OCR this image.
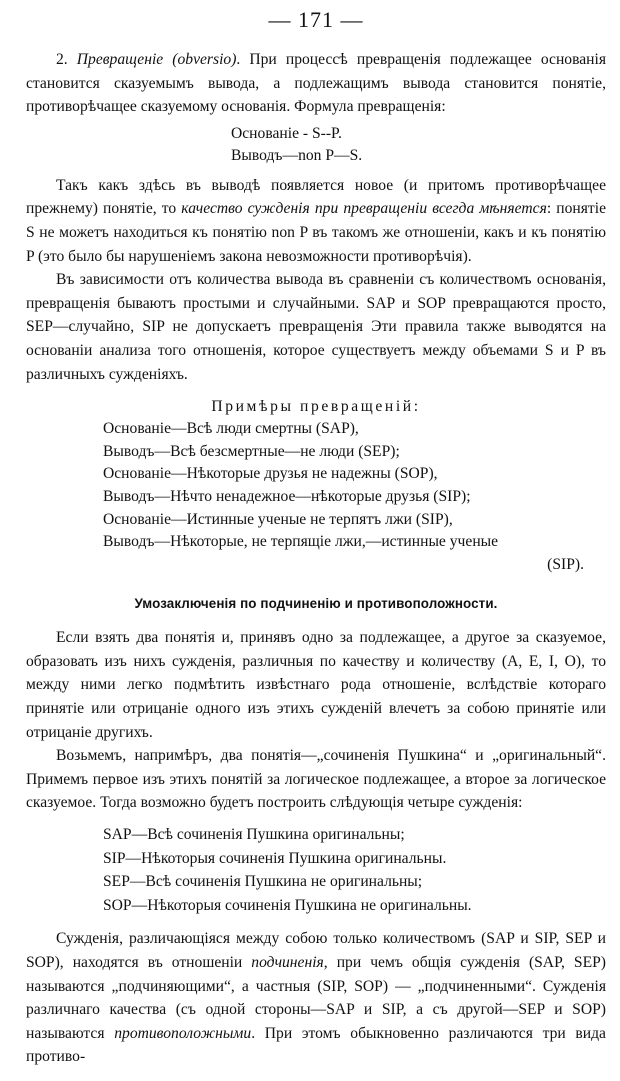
— 171 —

2. Превращеніе (obversio). При процессѣ превращенія подлежащее основанія становится сказуемымъ вывода, а подлежащимъ вывода становится понятіе, противорѣчащее сказуемому основанія. Формула превращенія:

Основаніе - S--P.
Выводъ—non P—S.

Такъ какъ здѣсь въ выводѣ появляется новое (и притомъ противорѣчащее прежнему) понятіе, то качество сужденія при превращеніи всегда мѣняется: понятіе S не можетъ находиться къ понятію non P въ такомъ же отношеніи, какъ и къ понятію P (это было бы нарушеніемъ закона невозможности противорѣчія).

Въ зависимости отъ количества вывода въ сравненіи съ количествомъ основанія, превращенія бываютъ простыми и случайными. SAP и SOP превращаются просто, SEP—случайно, SIP не допускаетъ превращенія Эти правила также выводятся на основаніи анализа того отношенія, которое существуетъ между объемами S и P въ различныхъ сужденіяхъ.

Примѣры превращеній:
Основаніе—Всѣ люди смертны (SAP),
Выводъ—Всѣ безсмертные—не люди (SEP);
Основаніе—Нѣкоторые друзья не надежны (SOP),
Выводъ—Нѣчто ненадежное—нѣкоторые друзья (SIP);
Основаніе—Истинные ученые не терпятъ лжи (SIP),
Выводъ—Нѣкоторые, не терпящіе лжи,—истинные ученые
(SIP).
Умозаключенія по подчиненію и противоположности.

Если взять два понятія и, принявъ одно за подлежащее, а другое за сказуемое, образовать изъ нихъ сужденія, различныя по качеству и количеству (A, E, I, O), то между ними легко подмѣтить извѣстнаго рода отношеніе, вслѣдствіе котораго принятіе или отрицаніе одного изъ этихъ сужденій влечетъ за собою принятіе или отрицаніе другихъ.

Возьмемъ, напримѣръ, два понятія—„сочиненія Пушкина“ и „оригинальный“. Примемъ первое изъ этихъ понятій за логическое подлежащее, а второе за логическое сказуемое. Тогда возможно будетъ построить слѣдующія четыре сужденія:

SAP—Всѣ сочиненія Пушкина оригинальны;
SIP—Нѣкоторыя сочиненія Пушкина оригинальны.
SEP—Всѣ сочиненія Пушкина не оригинальны;
SOP—Нѣкоторыя сочиненія Пушкина не оригинальны.

Сужденія, различающіяся между собою только количествомъ (SAP и SIP, SEP и SOP), находятся въ отношеніи подчиненія, при чемъ общія сужденія (SAP, SEP) называются „подчиняющими“, а частныя (SIP, SOP) — „подчиненными“. Сужденія различнаго качества (съ одной стороны—SAP и SIP, а съ другой—SEP и SOP) называются противоположными. При этомъ обыкновенно различаются три вида противо-
